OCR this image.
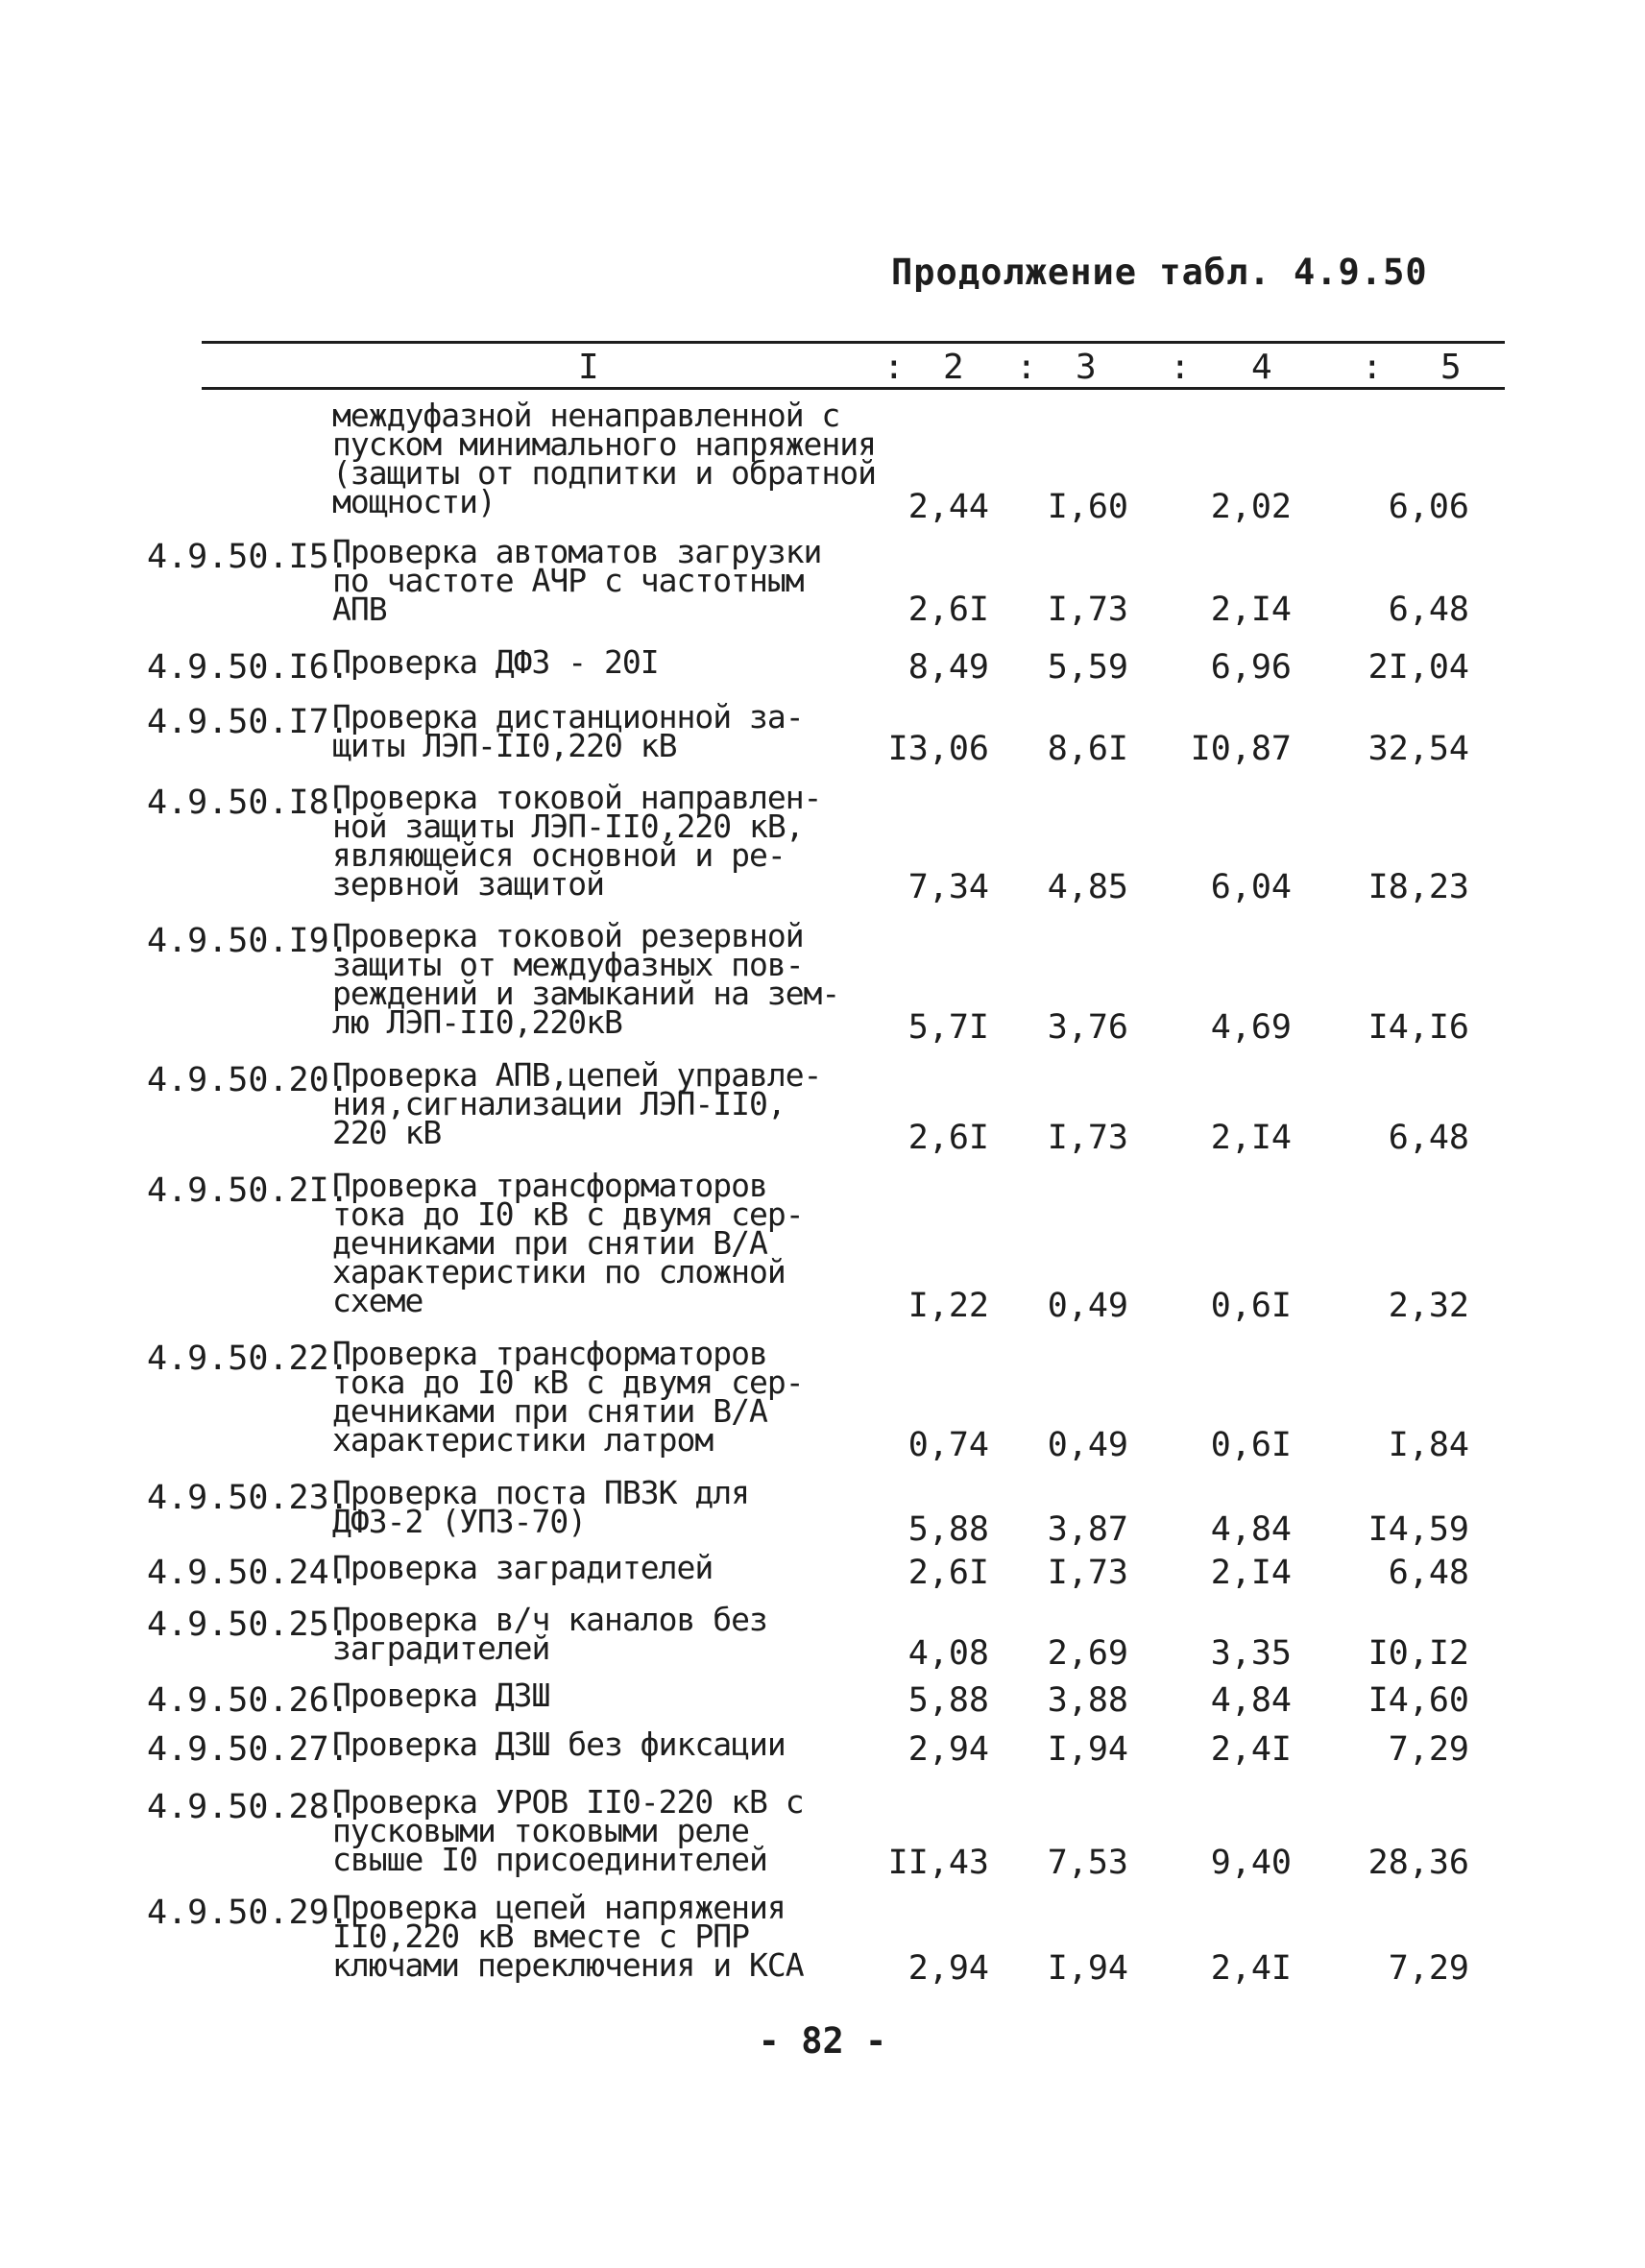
Продолжение табл. 4.9.50
I	: 2 : 3 : 4	: 5
междуфазной ненаправленной с
пуском минимального напряжения
(защиты от подпитки и обратной
мощности)	2,44	I,60	2,02	6,06
4.9.50.I5.
Проверка автоматов загрузки
по частоте АЧР с частотным
АПВ	2,6I	I,73	2,I4	6,48
4.9.50.I6.
Проверка ДФЗ - 20I	8,49	5,59	6,96	2I,04
4.9.50.I7.
Проверка дистанционной за-
щиты ЛЭП-II0,220 кВ	I3,06	8,6I	I0,87	32,54
4.9.50.I8.
Проверка токовой направлен-
ной защиты ЛЭП-II0,220 кВ,
являющейся основной и ре-
зервной защитой	7,34	4,85	6,04	I8,23
4.9.50.I9.
Проверка токовой резервной
защиты от междуфазных пов-
реждений и замыканий на зем-
лю ЛЭП-II0,220кВ	5,7I	3,76	4,69	I4,I6
4.9.50.20.
Проверка АПВ,цепей управле-
ния,сигнализации ЛЭП-II0,
220 кВ	2,6I	I,73	2,I4	6,48
4.9.50.2I.
Проверка трансформаторов
тока до I0 кВ с двумя сер-
дечниками при снятии В/А
характеристики по сложной
схеме	I,22	0,49	0,6I	2,32
4.9.50.22.
Проверка трансформаторов
тока до I0 кВ с двумя сер-
дечниками при снятии В/А
характеристики латром	0,74	0,49	0,6I	I,84
4.9.50.23.
Проверка поста ПВЗК для
ДФЗ-2 (УПЗ-70)	5,88	3,87	4,84	I4,59
4.9.50.24.
Проверка заградителей	2,6I	I,73	2,I4	6,48
4.9.50.25.
Проверка в/ч каналов без
заградителей	4,08	2,69	3,35	I0,I2
4.9.50.26.
Проверка ДЗШ	5,88	3,88	4,84	I4,60
4.9.50.27.
Проверка ДЗШ без фиксации	2,94	I,94	2,4I	7,29
4.9.50.28.
Проверка УРОВ II0-220 кВ с
пусковыми токовыми реле
свыше I0 присоединителей	II,43	7,53	9,40	28,36
4.9.50.29.
Проверка цепей напряжения
II0,220 кВ вместе с РПР
ключами переключения и КСА	2,94	I,94	2,4I	7,29
- 82 -
